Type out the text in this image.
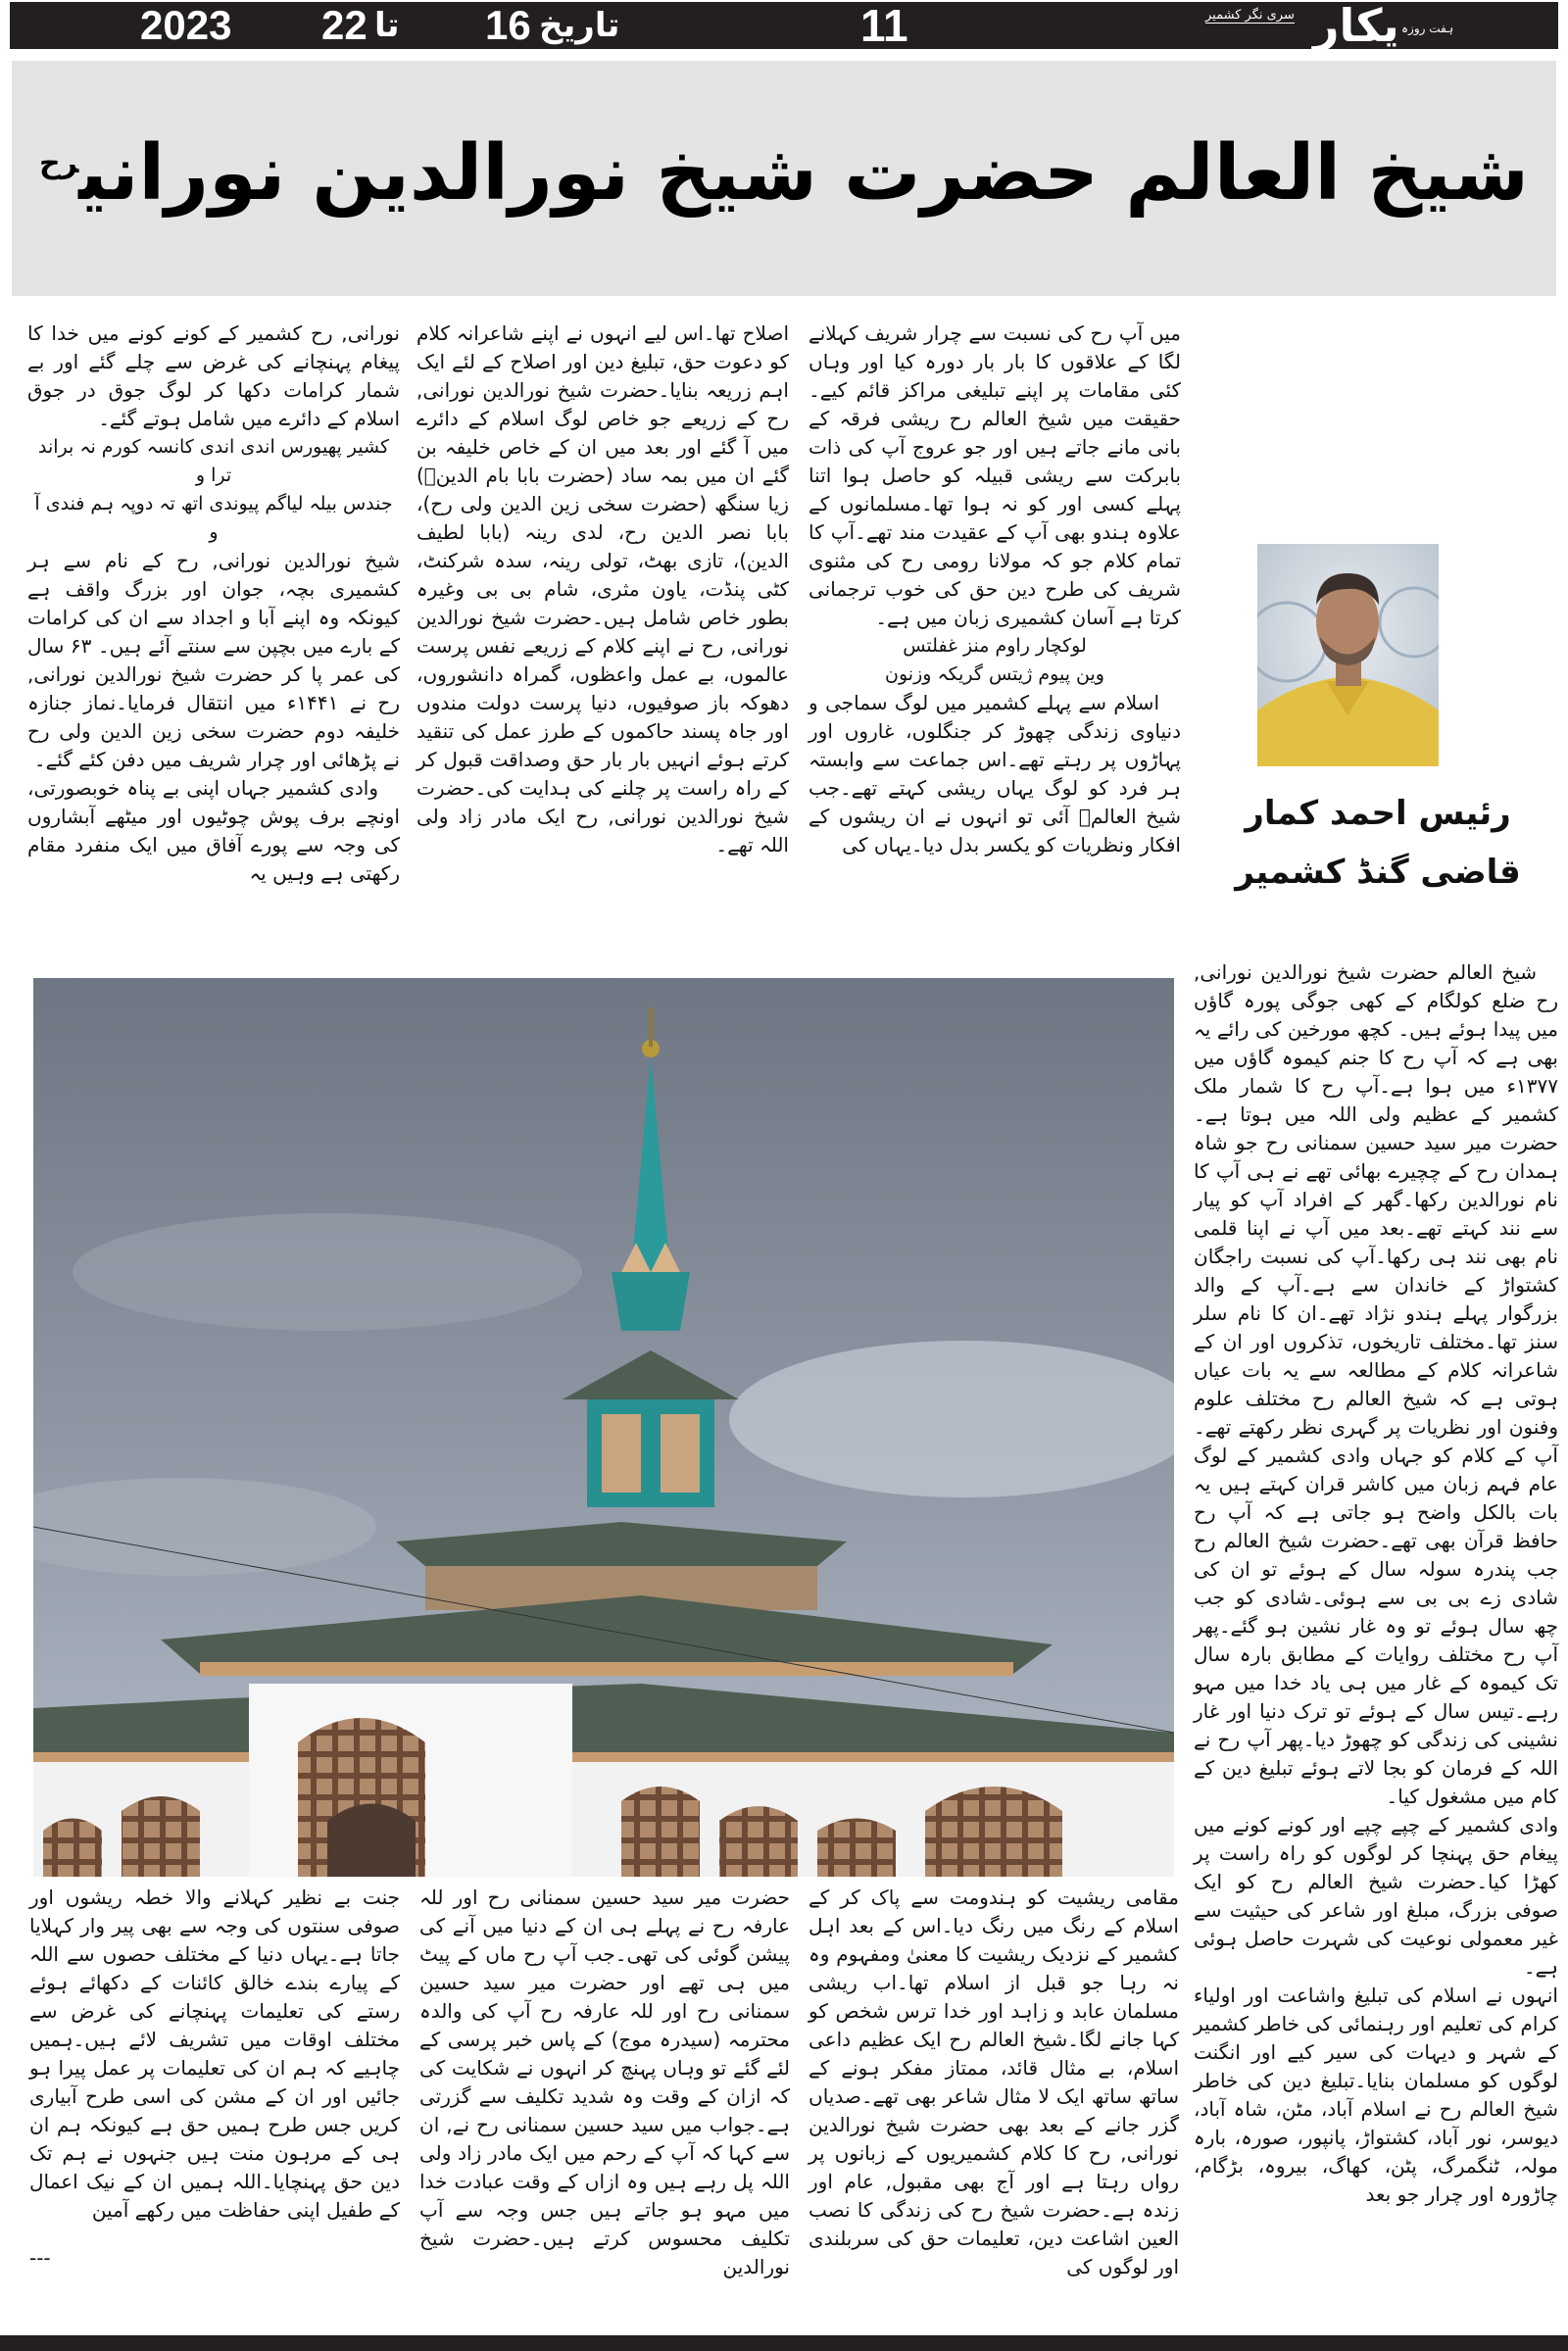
2023 22 تا 16 تاریخ	11	سری نگر کشمیر پکار ہفت روزہ
شیخ العالم حضرت شیخ نورالدین نورانی$^{رح}$

میں آپ رح کی نسبت سے چرار شریف کہلانے لگا کے علاقوں کا بار بار دورہ کیا اور وہاں کئی مقامات پر اپنے تبلیغی مراکز قائم کیے۔حقیقت میں شیخ العالم رح ریشی فرقہ کے بانی مانے جاتے ہیں اور جو عروج آپ کی ذات بابرکت سے ریشی قبیلہ کو حاصل ہوا اتنا پہلے کسی اور کو نہ ہوا تھا۔مسلمانوں کے علاوہ ہندو بھی آپ کے عقیدت مند تھے۔آپ کا تمام کلام جو کہ مولانا رومی رح کی مثنوی شریف کی طرح دین حق کی خوب ترجمانی کرتا ہے آسان کشمیری زبان میں ہے۔

لوکچار راوم منز غفلتس

وین پیوم ژیتس گریکہ وزنون

اسلام سے پہلے کشمیر میں لوگ سماجی و دنیاوی زندگی چھوڑ کر جنگلوں، غاروں اور پہاڑوں پر رہتے تھے۔اس جماعت سے وابستہ ہر فرد کو لوگ یہاں ریشی کہتے تھے۔جب شیخ العالمؒ آئی تو انہوں نے ان ریشوں کے افکار ونظریات کو یکسر بدل دیا۔یہاں کی

اصلاح تھا۔اس لیے انہوں نے اپنے شاعرانہ کلام کو دعوت حق، تبلیغ دین اور اصلاح کے لئے ایک اہم زریعہ بنایا۔حضرت شیخ نورالدین نورانی, رح کے زریعے جو خاص لوگ اسلام کے دائرے میں آ گئے اور بعد میں ان کے خاص خلیفہ بن گئے ان میں بمہ ساد (حضرت بابا بام الدینؒ) زیا سنگھ (حضرت سخی زین الدین ولی رح)، بابا نصر الدین رح، لدی رینہ (بابا لطیف الدین)، تازی بھٹ، تولی رینہ، سدہ شرکنٹ، کٹی پنڈت، یاون مثری، شام بی بی وغیرہ بطور خاص شامل ہیں۔حضرت شیخ نورالدین نورانی, رح نے اپنے کلام کے زریعے نفس پرست عالموں، بے عمل واعظوں، گمراہ دانشوروں، دھوکہ باز صوفیوں، دنیا پرست دولت مندوں اور جاہ پسند حاکموں کے طرز عمل کی تنقید کرتے ہوئے انہیں بار بار حق وصداقت قبول کر کے راہ راست پر چلنے کی ہدایت کی۔حضرت شیخ نورالدین نورانی, رح ایک مادر زاد ولی اللہ تھے۔

نورانی, رح کشمیر کے کونے کونے میں خدا کا پیغام پہنچانے کی غرض سے چلے گئے اور بے شمار کرامات دکھا کر لوگ جوق در جوق اسلام کے دائرے میں شامل ہوتے گئے۔

کشیر پھیورس اندی اندی کانسہ کورم نہ براند ترا و

جندس بیلہ لیاگم پیوندی اتھ تہ دوپہ ہم فندی آ و

شیخ نورالدین نورانی, رح کے نام سے ہر کشمیری بچہ، جوان اور بزرگ واقف ہے کیونکہ وہ اپنے آبا و اجداد سے ان کی کرامات کے بارے میں بچپن سے سنتے آئے ہیں۔ ۶۳ سال کی عمر پا کر حضرت شیخ نورالدین نورانی, رح نے ۱۴۴۱ء میں انتقال فرمایا۔نماز جنازہ خلیفہ دوم حضرت سخی زین الدین ولی رح نے پڑھائی اور چرار شریف میں دفن کئے گئے۔

وادی کشمیر جہاں اپنی بے پناہ خوبصورتی، اونچے برف پوش چوٹیوں اور میٹھے آبشاروں کی وجہ سے پورے آفاق میں ایک منفرد مقام رکھتی ہے وہیں یہ

رئیس احمد کمار
قاضی گنڈ کشمیر

شیخ العالم حضرت شیخ نورالدین نورانی, رح ضلع کولگام کے کھی جوگی پورہ گاؤں میں پیدا ہوئے ہیں۔ کچھ مورخین کی رائے یہ بھی ہے کہ آپ رح کا جنم کیموہ گاؤں میں ۱۳۷۷ء میں ہوا ہے۔آپ رح کا شمار ملک کشمیر کے عظیم ولی اللہ میں ہوتا ہے۔حضرت میر سید حسین سمنانی رح جو شاہ ہمدان رح کے چچیرے بھائی تھے نے ہی آپ کا نام نورالدین رکھا۔گھر کے افراد آپ کو پیار سے نند کہتے تھے۔بعد میں آپ نے اپنا قلمی نام بھی نند ہی رکھا۔آپ کی نسبت راجگان کشتواڑ کے خاندان سے ہے۔آپ کے والد بزرگوار پہلے ہندو نژاد تھے۔ان کا نام سلر سنز تھا۔مختلف تاریخوں، تذکروں اور ان کے شاعرانہ کلام کے مطالعہ سے یہ بات عیاں ہوتی ہے کہ شیخ العالم رح مختلف علوم وفنون اور نظریات پر گہری نظر رکھتے تھے۔آپ کے کلام کو جہاں وادی کشمیر کے لوگ عام فہم زبان میں کاشر قران کہتے ہیں یہ بات بالکل واضح ہو جاتی ہے کہ آپ رح حافظ قرآن بھی تھے۔حضرت شیخ العالم رح جب پندرہ سولہ سال کے ہوئے تو ان کی شادی زے بی بی سے ہوئی۔شادی کو جب چھ سال ہوئے تو وہ غار نشین ہو گئے۔پھر آپ رح مختلف روایات کے مطابق بارہ سال تک کیموہ کے غار میں ہی یاد خدا میں مہو رہے۔تیس سال کے ہوئے تو ترک دنیا اور غار نشینی کی زندگی کو چھوڑ دیا۔پھر آپ رح نے اللہ کے فرمان کو بجا لاتے ہوئے تبلیغ دین کے کام میں مشغول کیا۔

وادی کشمیر کے چپے چپے اور کونے کونے میں پیغام حق پہنچا کر لوگوں کو راہ راست پر کھڑا کیا۔حضرت شیخ العالم رح کو ایک صوفی بزرگ، مبلغ اور شاعر کی حیثیت سے غیر معمولی نوعیت کی شہرت حاصل ہوئی ہے۔

انہوں نے اسلام کی تبلیغ واشاعت اور اولیاء کرام کی تعلیم اور رہنمائی کی خاطر کشمیر کے شہر و دیہات کی سیر کیے اور انگنت لوگوں کو مسلمان بنایا۔تبلیغ دین کی خاطر شیخ العالم رح نے اسلام آباد، مٹن، شاہ آباد، دیوسر، نور آباد، کشتواڑ، پانپور، صورہ، بارہ مولہ، ٹنگمرگ، پٹن، کھاگ، بیروہ، بڑگام، چاڑورہ اور چرار جو بعد

مقامی ریشیت کو ہندومت سے پاک کر کے اسلام کے رنگ میں رنگ دیا۔اس کے بعد اہل کشمیر کے نزدیک ریشیت کا معنیٰ ومفہوم وہ نہ رہا جو قبل از اسلام تھا۔اب ریشی مسلمان عابد و زاہد اور خدا ترس شخص کو کہا جانے لگا۔شیخ العالم رح ایک عظیم داعی اسلام، بے مثال قائد، ممتاز مفکر ہونے کے ساتھ ساتھ ایک لا مثال شاعر بھی تھے۔صدیاں گزر جانے کے بعد بھی حضرت شیخ نورالدین نورانی, رح کا کلام کشمیریوں کے زبانوں پر رواں رہتا ہے اور آج بھی مقبول, عام اور زندہ ہے۔حضرت شیخ رح کی زندگی کا نصب العین اشاعت دین، تعلیمات حق کی سربلندی اور لوگوں کی

حضرت میر سید حسین سمنانی رح اور للہ عارفہ رح نے پہلے ہی ان کے دنیا میں آنے کی پیشن گوئی کی تھی۔جب آپ رح ماں کے پیٹ میں ہی تھے اور حضرت میر سید حسین سمنانی رح اور للہ عارفہ رح آپ کی والدہ محترمہ (سیدرہ موج) کے پاس خبر پرسی کے لئے گئے تو وہاں پہنچ کر انہوں نے شکایت کی کہ ازان کے وقت وہ شدید تکلیف سے گزرتی ہے۔جواب میں سید حسین سمنانی رح نے, ان سے کہا کہ آپ کے رحم میں ایک مادر زاد ولی اللہ پل رہے ہیں وہ ازاں کے وقت عبادت خدا میں مہو ہو جاتے ہیں جس وجہ سے آپ تکلیف محسوس کرتے ہیں۔حضرت شیخ نورالدین

جنت بے نظیر کہلانے والا خطہ ریشوں اور صوفی سنتوں کی وجہ سے بھی پیر وار کہلایا جاتا ہے۔یہاں دنیا کے مختلف حصوں سے اللہ کے پیارے بندے خالق کائنات کے دکھائے ہوئے رستے کی تعلیمات پہنچانے کی غرض سے مختلف اوقات میں تشریف لائے ہیں۔ہمیں چاہیے کہ ہم ان کی تعلیمات پر عمل پیرا ہو جائیں اور ان کے مشن کی اسی طرح آبیاری کریں جس طرح ہمیں حق ہے کیونکہ ہم ان ہی کے مرہون منت ہیں جنہوں نے ہم تک دین حق پہنچایا۔اللہ ہمیں ان کے نیک اعمال کے طفیل اپنی حفاظت میں رکھے آمین

---
